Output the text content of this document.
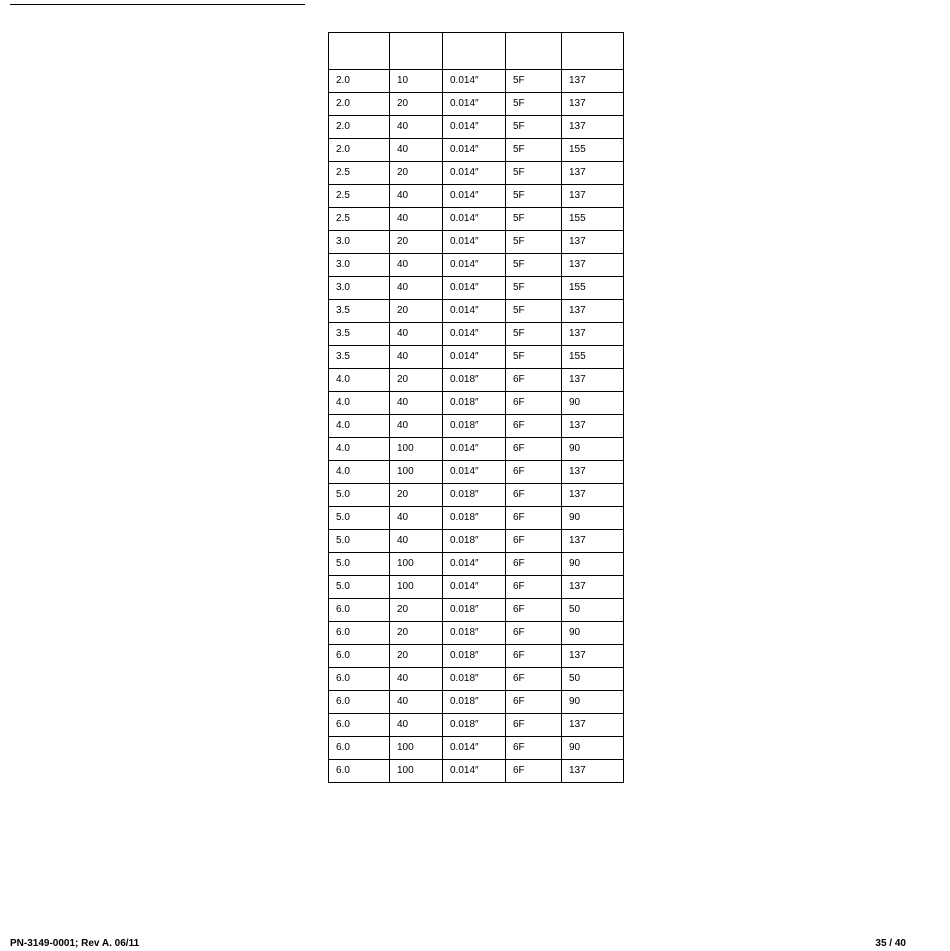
2.0	10	0.014″	5F	137
2.0	20	0.014″	5F	137
2.0	40	0.014″	5F	137
2.0	40	0.014″	5F	155
2.5	20	0.014″	5F	137
2.5	40	0.014″	5F	137
2.5	40	0.014″	5F	155
3.0	20	0.014″	5F	137
3.0	40	0.014″	5F	137
3.0	40	0.014″	5F	155
3.5	20	0.014″	5F	137
3.5	40	0.014″	5F	137
3.5	40	0.014″	5F	155
4.0	20	0.018″	6F	137
4.0	40	0.018″	6F	90
4.0	40	0.018″	6F	137
4.0	100	0.014″	6F	90
4.0	100	0.014″	6F	137
5.0	20	0.018″	6F	137
5.0	40	0.018″	6F	90
5.0	40	0.018″	6F	137
5.0	100	0.014″	6F	90
5.0	100	0.014″	6F	137
6.0	20	0.018″	6F	50
6.0	20	0.018″	6F	90
6.0	20	0.018″	6F	137
6.0	40	0.018″	6F	50
6.0	40	0.018″	6F	90
6.0	40	0.018″	6F	137
6.0	100	0.014″	6F	90
6.0	100	0.014″	6F	137
PN-3149-0001; Rev A. 06/11	35 / 40
